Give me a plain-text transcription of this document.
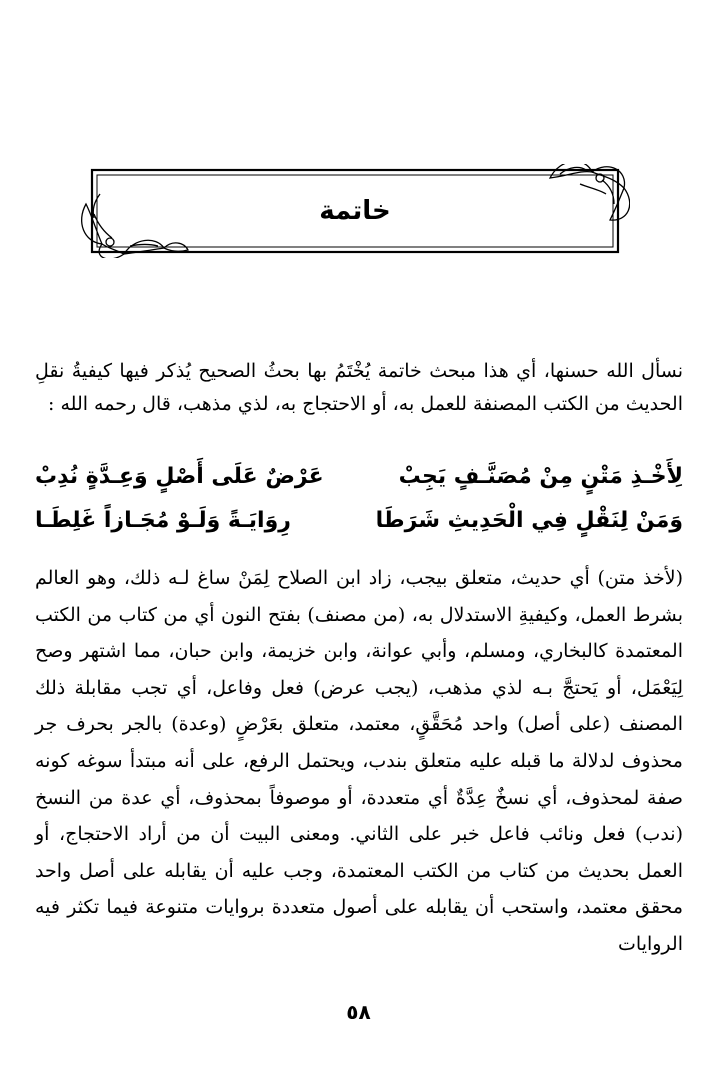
خاتمة
نسأل الله حسنها، أي هذا مبحث خاتمة يُخْتَمُ بها بحثُ الصحيح يُذكر فيها كيفيةُ نقلِ الحديث من الكتب المصنفة للعمل به، أو الاحتجاج به، لذي مذهب، قال رحمه الله :
لِأَخْـذِ مَتْنٍ مِنْ مُصَنَّـفٍ يَجِبْ
عَرْضٌ عَلَى أَصْلٍ وَعِـدَّةٍ نُدِبْ
وَمَنْ لِنَقْلٍ فِي الْحَدِيثِ شَرَطَا
رِوَايَـةً وَلَـوْ مُجَـازاً غَلِطَـا
(لأخذ متن) أي حديث، متعلق بيجب، زاد ابن الصلاح لِمَنْ ساغ لـه ذلك، وهو العالم بشرط العمل، وكيفيةِ الاستدلال به، (من مصنف) بفتح النون أي من كتاب من الكتب المعتمدة كالبخاري، ومسلم، وأبي عوانة، وابن خزيمة، وابن حبان، مما اشتهر وصح لِيَعْمَل، أو يَحتجَّ بـه لذي مذهب، (يجب عرض) فعل وفاعل، أي تجب مقابلة ذلك المصنف (على أصل) واحد مُحَقَّقٍ، معتمد، متعلق بعَرْضٍ (وعدة) بالجر بحرف جر محذوف لدلالة ما قبله عليه متعلق بندب، ويحتمل الرفع، على أنه مبتدأ سوغه كونه صفة لمحذوف، أي نسخٌ عِدَّةٌ أي متعددة، أو موصوفاً بمحذوف، أي عدة من النسخ (ندب) فعل ونائب فاعل خبر على الثاني. ومعنى البيت أن من أراد الاحتجاج، أو العمل بحديث من كتاب من الكتب المعتمدة، وجب عليه أن يقابله على أصل واحد محقق معتمد، واستحب أن يقابله على أصول متعددة بروايات متنوعة فيما تكثر فيه الروايات
٥٨
